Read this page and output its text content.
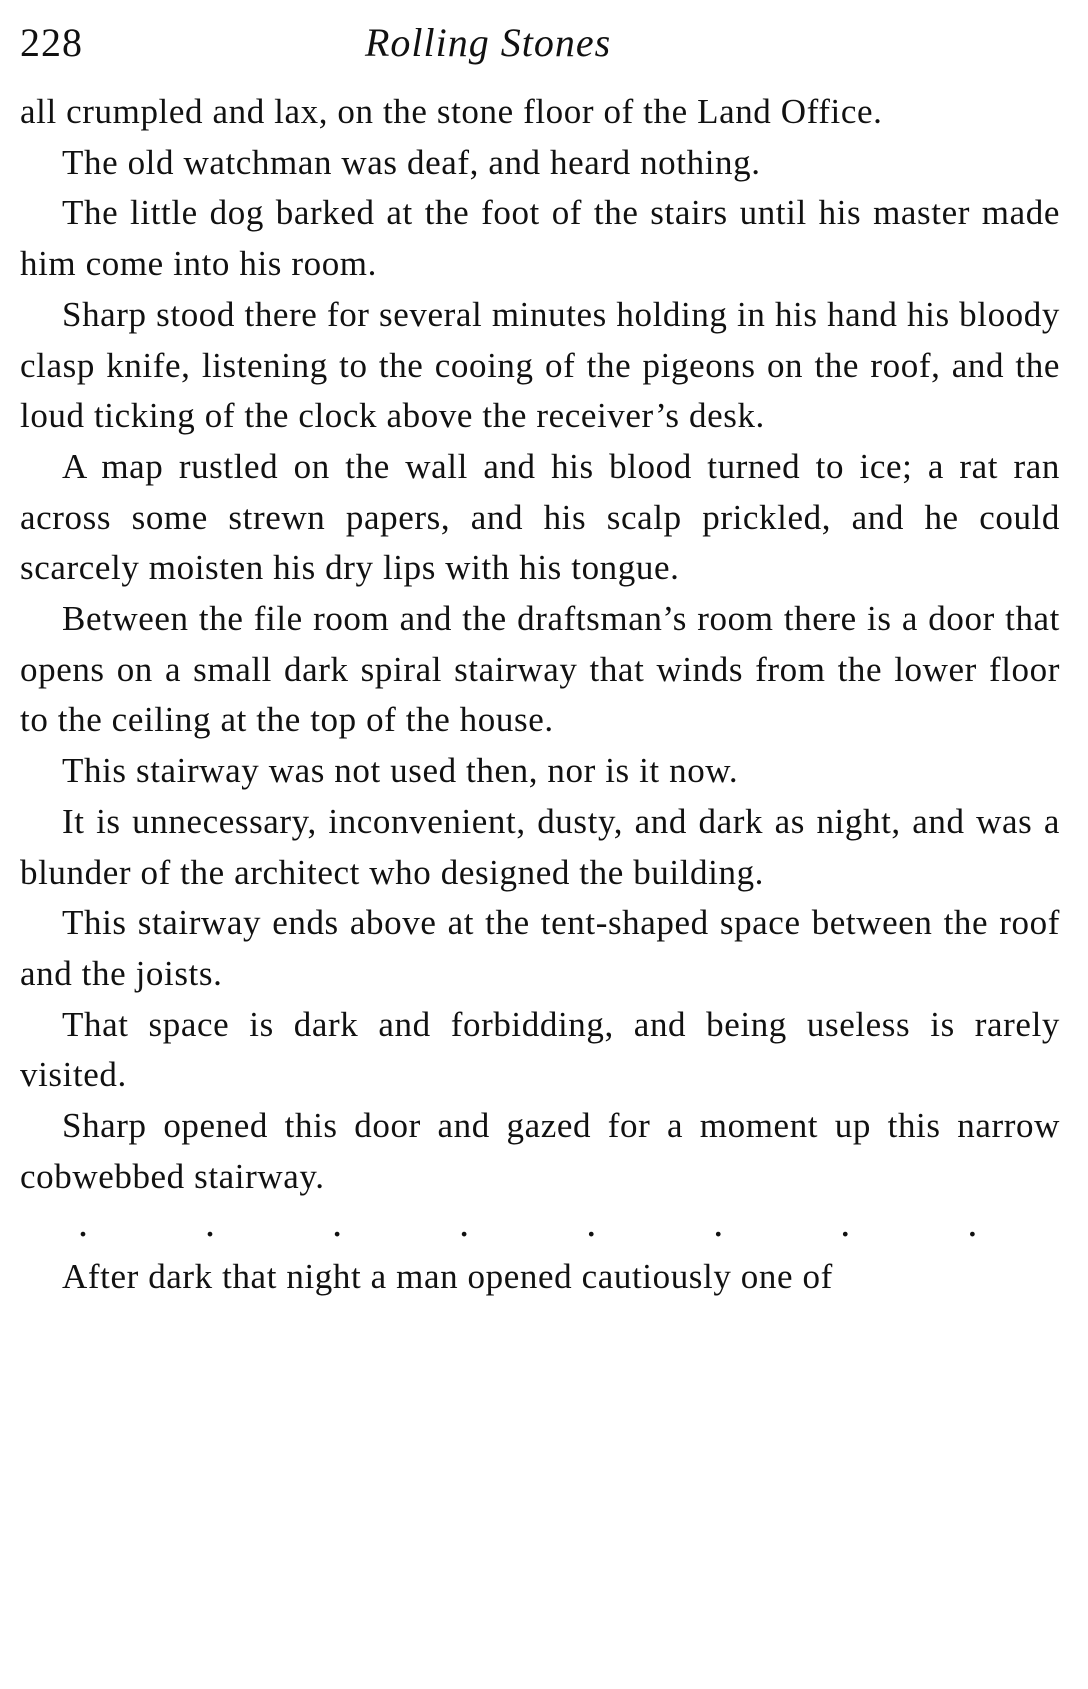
228	Rolling Stones

all crumpled and lax, on the stone floor of the Land Office.

The old watchman was deaf, and heard nothing.

The little dog barked at the foot of the stairs until his master made him come into his room.

Sharp stood there for several minutes holding in his hand his bloody clasp knife, listening to the cooing of the pigeons on the roof, and the loud ticking of the clock above the receiver’s desk.

A map rustled on the wall and his blood turned to ice; a rat ran across some strewn papers, and his scalp prickled, and he could scarcely moisten his dry lips with his tongue.

Between the file room and the draftsman’s room there is a door that opens on a small dark spiral stairway that winds from the lower floor to the ceiling at the top of the house.

This stairway was not used then, nor is it now.

It is unnecessary, inconvenient, dusty, and dark as night, and was a blunder of the architect who designed the building.

This stairway ends above at the tent-shaped space between the roof and the joists.

That space is dark and forbidding, and being useless is rarely visited.

Sharp opened this door and gazed for a moment up this narrow cobwebbed stairway.

.	.	.	.	.	.	.	.

After dark that night a man opened cautiously one of
